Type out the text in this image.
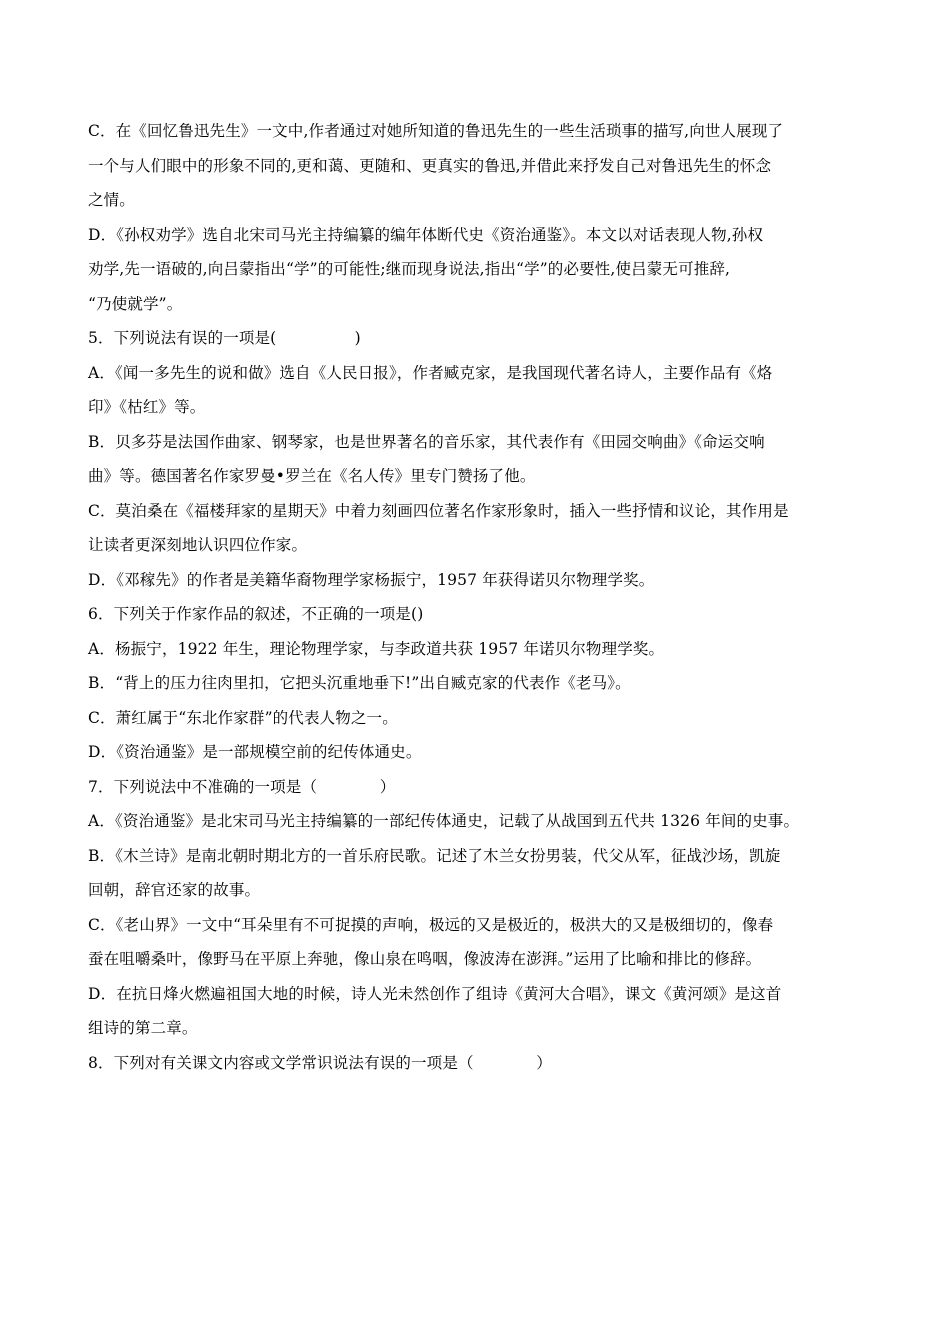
C．在《回忆鲁迅先生》一文中,作者通过对她所知道的鲁迅先生的一些生活琐事的描写,向世人展现了
一个与人们眼中的形象不同的,更和蔼、更随和、更真实的鲁迅,并借此来抒发自己对鲁迅先生的怀念
之情。
D．《孙权劝学》选自北宋司马光主持编纂的编年体断代史《资治通鉴》。本文以对话表现人物,孙权
劝学,先一语破的,向吕蒙指出“学”的可能性;继而现身说法,指出“学”的必要性,使吕蒙无可推辞,
“乃使就学”。
5．下列说法有误的一项是(　　　　　)
A．《闻一多先生的说和做》选自《人民日报》，作者臧克家，是我国现代著名诗人，主要作品有《烙
印》《枯红》等。
B．贝多芬是法国作曲家、钢琴家，也是世界著名的音乐家，其代表作有《田园交响曲》《命运交响
曲》等。德国著名作家罗曼•罗兰在《名人传》里专门赞扬了他。
C．莫泊桑在《福楼拜家的星期天》中着力刻画四位著名作家形象时，插入一些抒情和议论，其作用是
让读者更深刻地认识四位作家。
D．《邓稼先》的作者是美籍华裔物理学家杨振宁，1957 年获得诺贝尔物理学奖。
6．下列关于作家作品的叙述，不正确的一项是()
A．杨振宁，1922 年生，理论物理学家，与李政道共获 1957 年诺贝尔物理学奖。
B．“背上的压力往肉里扣，它把头沉重地垂下!”出自臧克家的代表作《老马》。
C．萧红属于“东北作家群”的代表人物之一。
D．《资治通鉴》是一部规模空前的纪传体通史。
7．下列说法中不准确的一项是（　　　　）
A．《资治通鉴》是北宋司马光主持编纂的一部纪传体通史，记载了从战国到五代共 1326 年间的史事。
B．《木兰诗》是南北朝时期北方的一首乐府民歌。记述了木兰女扮男装，代父从军，征战沙场，凯旋
回朝，辞官还家的故事。
C．《老山界》一文中“耳朵里有不可捉摸的声响，极远的又是极近的，极洪大的又是极细切的，像春
蚕在咀嚼桑叶，像野马在平原上奔驰，像山泉在鸣咽，像波涛在澎湃。”运用了比喻和排比的修辞。
D．在抗日烽火燃遍祖国大地的时候，诗人光未然创作了组诗《黄河大合唱》，课文《黄河颂》是这首
组诗的第二章。
8．下列对有关课文内容或文学常识说法有误的一项是（　　　　）
